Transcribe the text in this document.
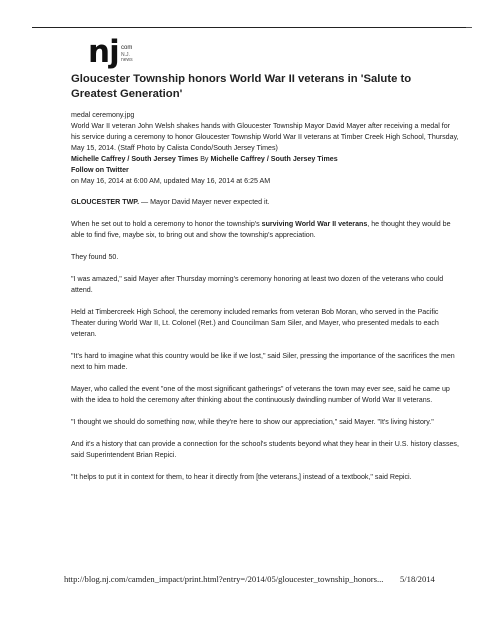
nj com
N.J.
news
Gloucester Township honors World War II veterans in 'Salute to Greatest Generation'

medal ceremony.jpg

World War II veteran John Welsh shakes hands with Gloucester Township Mayor David Mayer after receiving a medal for his service during a ceremony to honor Gloucester Township World War II veterans at Timber Creek High School, Thursday, May 15, 2014. (Staff Photo by Calista Condo/South Jersey Times)

Michelle Caffrey / South Jersey Times By Michelle Caffrey / South Jersey Times

Follow on Twitter

on May 16, 2014 at 6:00 AM, updated May 16, 2014 at 6:25 AM

GLOUCESTER TWP. — Mayor David Mayer never expected it.

When he set out to hold a ceremony to honor the township's surviving World War II veterans, he thought they would be able to find five, maybe six, to bring out and show the township's appreciation.

They found 50.

"I was amazed," said Mayer after Thursday morning's ceremony honoring at least two dozen of the veterans who could attend.

Held at Timbercreek High School, the ceremony included remarks from veteran Bob Moran, who served in the Pacific Theater during World War II, Lt. Colonel (Ret.) and Councilman Sam Siler, and Mayer, who presented medals to each veteran.

"It's hard to imagine what this country would be like if we lost," said Siler, pressing the importance of the sacrifices the men next to him made.

Mayer, who called the event "one of the most significant gatherings" of veterans the town may ever see, said he came up with the idea to hold the ceremony after thinking about the continuously dwindling number of World War II veterans.

"I thought we should do something now, while they're here to show our appreciation," said Mayer. "It's living history."

And it's a history that can provide a connection for the school's students beyond what they hear in their U.S. history classes, said Superintendent Brian Repici.

"It helps to put it in context for them, to hear it directly from [the veterans,] instead of a textbook," said Repici.

http://blog.nj.com/camden_impact/print.html?entry=/2014/05/gloucester_township_honors... 5/18/2014
